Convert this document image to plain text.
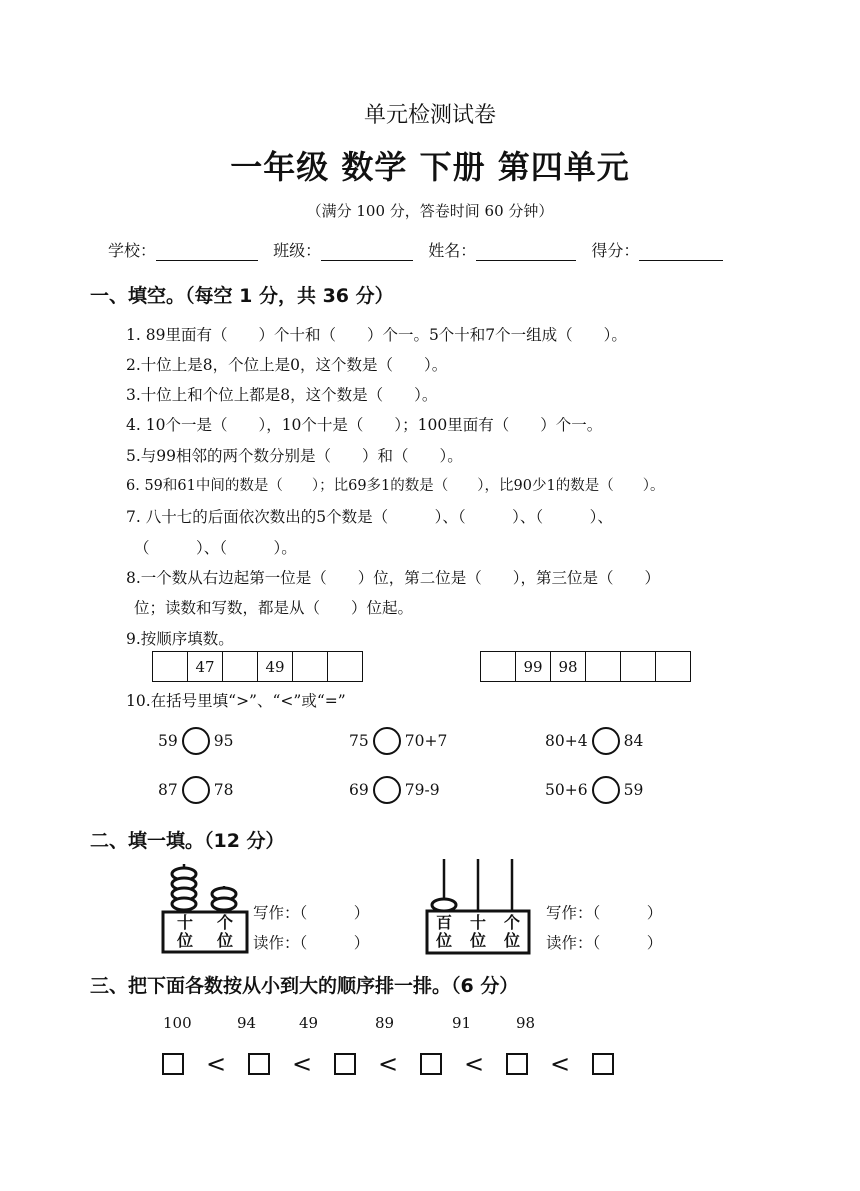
单元检测试卷
一年级 数学 下册 第四单元
（满分 100 分，答卷时间 60 分钟）
学校：	班级：	姓名：	得分：
一、填空。（每空 1 分，共 36 分）
1. 89里面有（　　）个十和（　　）个一。5个十和7个一组成（　　）。
2.十位上是8，个位上是0，这个数是（　　）。
3.十位上和个位上都是8，这个数是（　　）。
4. 10个一是（　　），10个十是（　　）；100里面有（　　）个一。
5.与99相邻的两个数分别是（　　）和（　　）。
6. 59和61中间的数是（　　）；比69多1的数是（　　），比90少1的数是（　　）。
7. 八十七的后面依次数出的5个数是（　　　）、（　　　）、（　　　）、
（　　　）、（　　　）。
8.一个数从右边起第一位是（　　）位，第二位是（　　），第三位是（　　）
位；读数和写数，都是从（　　）位起。
9.按顺序填数。
47	49	99	98
10.在括号里填“>”、“<”或“=”
59 95	75 70+7	80+4 84
87 78	69 79-9	50+6 59
二、填一填。（12 分）
十
位
个
位
写作：（　　　）
读作：（　　　）
百
位
十
位
个
位
写作：（　　　）
读作：（　　　）
三、把下面各数按从小到大的顺序排一排。（6 分）
100	94	49	89	91	98
<	<	<	<	<
